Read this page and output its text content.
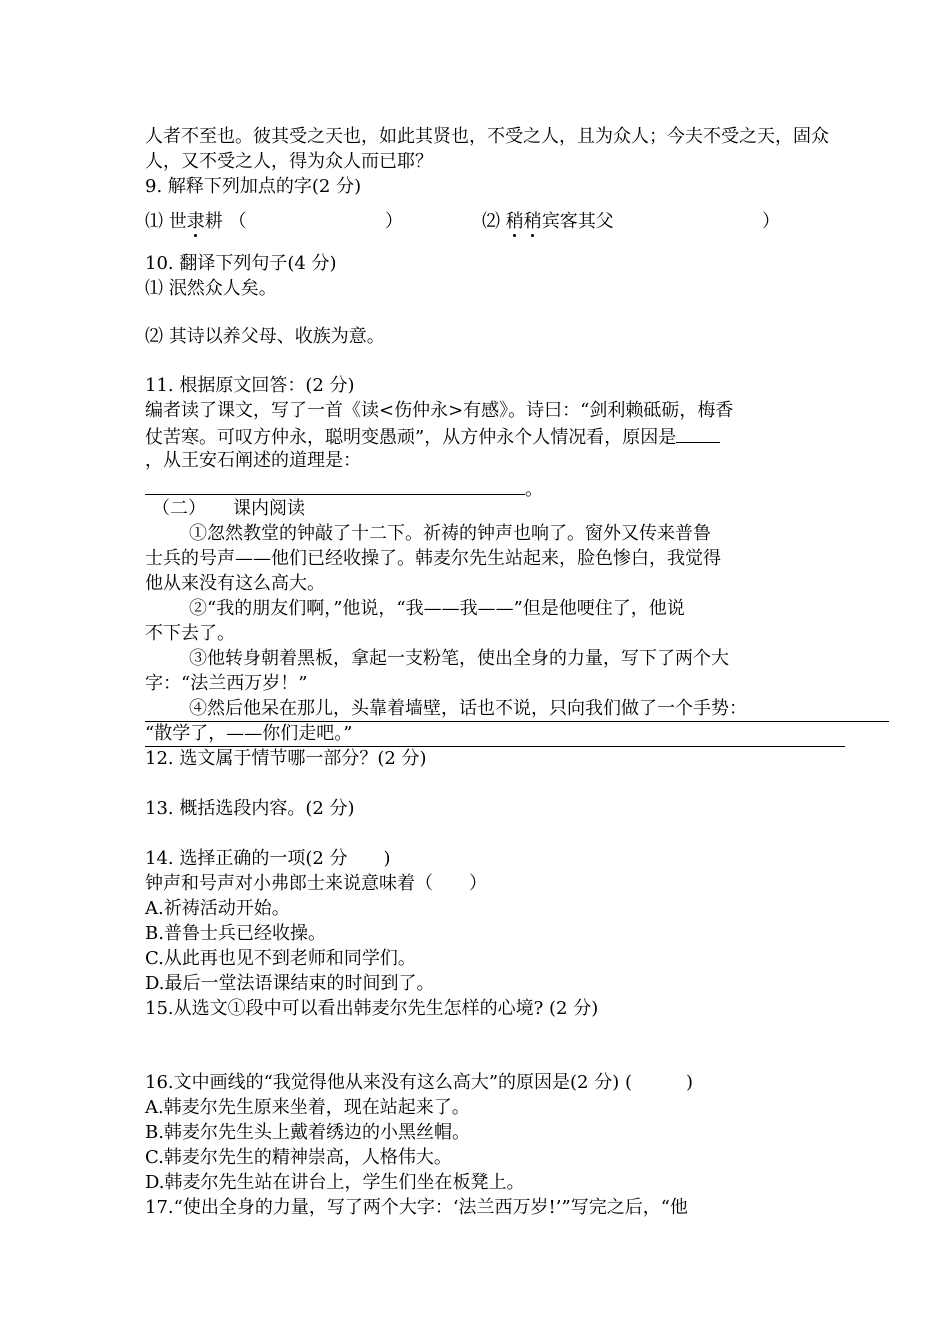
人者不至也。彼其受之天也，如此其贤也，不受之人，且为众人；今夫不受之天，固众
人，又不受之人，得为众人而已耶？
9. 解释下列加点的字(2 分)
⑴ 世隶耕 （	）	⑵ 稍稍宾客其父	）
10. 翻译下列句子(4 分)
⑴ 泯然众人矣。
⑵ 其诗以养父母、收族为意。
11. 根据原文回答：(2 分)
编者读了课文，写了一首《读<伤仲永>有感》。诗曰：“剑利赖砥砺，梅香
仗苦寒。可叹方仲永，聪明变愚顽”，从方仲永个人情况看，原因是
，从王安石阐述的道理是：
。
（二）　　课内阅读
①忽然教堂的钟敲了十二下。祈祷的钟声也响了。窗外又传来普鲁
士兵的号声——他们已经收操了。韩麦尔先生站起来，脸色惨白，我觉得
他从来没有这么高大。
②“我的朋友们啊，”他说，“我——我——”但是他哽住了，他说
不下去了。
③他转身朝着黑板，拿起一支粉笔，使出全身的力量，写下了两个大
字：“法兰西万岁！”
④然后他呆在那儿，头靠着墙壁，话也不说，只向我们做了一个手势：
“散学了，——你们走吧。”
12. 选文属于情节哪一部分？(2 分)
13. 概括选段内容。(2 分)
14. 选择正确的一项(2 分　　)
钟声和号声对小弗郎士来说意味着（　　）
A.祈祷活动开始。
B.普鲁士兵已经收操。
C.从此再也见不到老师和同学们。
D.最后一堂法语课结束的时间到了。
15.从选文①段中可以看出韩麦尔先生怎样的心境? (2 分)
16.文中画线的“我觉得他从来没有这么高大”的原因是(2 分) (　　　)
A.韩麦尔先生原来坐着，现在站起来了。
B.韩麦尔先生头上戴着绣边的小黑丝帽。
C.韩麦尔先生的精神崇高，人格伟大。
D.韩麦尔先生站在讲台上，学生们坐在板凳上。
17.“使出全身的力量，写了两个大字：‘法兰西万岁!’”写完之后，“他
